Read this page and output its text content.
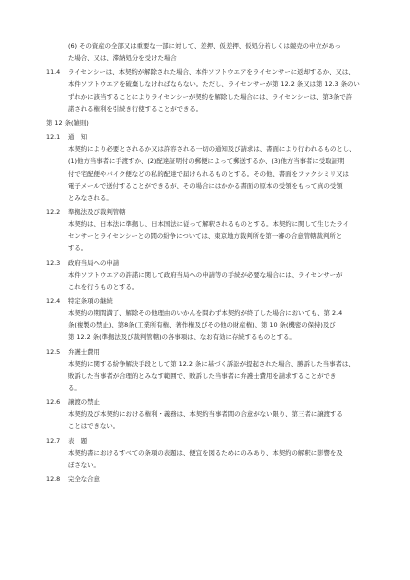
(6) その資産の全部又は重要な一部に対して、差押、仮差押、仮処分若しくは競売の申立があっ
た場合、又は、滞納処分を受けた場合
11.4	ライセンシーは、本契約が解除された場合、本件ソフトウエアをライセンサーに返却するか、又は、
本件ソフトウエアを破棄しなければならない。ただし、ライセンサーが第 12.2 条又は第 12.3 条のい
ずれかに該当することによりライセンシーが契約を解除した場合には、ライセンシーは、第3条で許
諾される権利を引続き行使することができる。
第 12 条(雑則)
12.1	通　知
本契約により必要とされるか又は許容される一切の通知及び請求は、書面により行われるものとし、
(1)他方当事者に手渡すか、(2)配達証明付の郵便によって郵送するか、(3)他方当事者に受取証明
付で宅配便やバイク便などの私的配達で届けられるものとする。その他、書面をファクシミリ又は
電子メールで送付することができるが、その場合にはかかる書面の原本の受領をもって真の受領
とみなされる。
12.2	準拠法及び裁判管轄
本契約は、日本法に準拠し、日本国法に従って解釈されるものとする。本契約に関して生じたライ
センサーとライセンシーとの間の紛争については、東京地方裁判所を第一審の合意管轄裁判所と
する。
12.3	政府当局への申請
本件ソフトウエアの許諾に関して政府当局への申請等の手続が必要な場合には、ライセンサーが
これを行うものとする。
12.4	特定条項の継続
本契約の期間満了、解除その他理由のいかんを問わず本契約が終了した場合においても、第 2.4
条(複製の禁止)、第8条(工業所有権、著作権及びその他の財産権)、第 10 条(機密の保持)及び
第 12.2 条(準拠法及び裁判管轄)の各事項は、なお有効に存続するものとする。
12.5	弁護士費用
本契約に関する紛争解決手段として第 12.2 条に基づく訴訟が提起された場合、勝訴した当事者は、
敗訴した当事者が合理的とみなす範囲で、敗訴した当事者に弁護士費用を請求することができ
る。
12.6	譲渡の禁止
本契約及び本契約における権利・義務は、本契約当事者間の合意がない限り、第三者に譲渡する
ことはできない。
12.7	表　題
本契約書におけるすべての条項の表題は、便宜を図るためにのみあり、本契約の解釈に影響を及
ぼさない。
12.8	完全な合意
